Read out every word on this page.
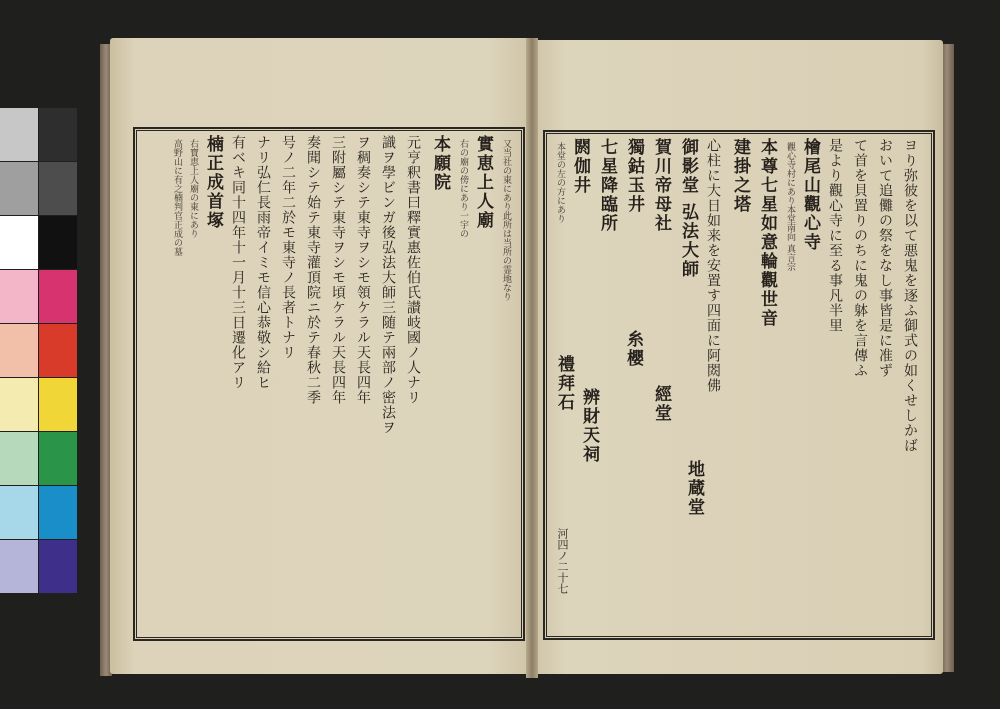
又当社の東にあり此所は当所の霊地なり
實恵上人廟
右の廟の傍にあり一宇の
本願院
元亨釈書曰釋實惠佐伯氏讃岐國ノ人ナリ
識ヲ學ビンガ後弘法大師三随テ兩部ノ密法ヲ
ヲ稠奏シテ東寺ヲシモ領ケラル天長四年
三附屬シテ東寺ヲシモ頃ケラル天長四年
奏聞シテ始テ東寺灌頂院ニ於テ春秋二季
号ノ二年二於モ東寺ノ長者トナリ
ナリ弘仁長雨帝イミモ信心恭敬シ給ヒ
有ベキ同十四年十一月十三日遷化アリ
楠正成首塚
右寶恵上人廟の東にあり
高野山に有之楠判官正成の墓	ヨり弥彼を以て悪鬼を逐ふ御式の如くせしかば
おいて追儺の祭をなし事皆是に准ず
て首を貝置りのちに鬼の躰を言傳ふ
是より觀心寺に至る事凡半里
檜尾山觀心寺
觀心寺村にあり本堂南向 真言宗
本尊七星如意輪觀世音
建掛之塔
心柱に大日如来を安置す四面に阿閦佛
御影堂 弘法大師
賀川帝母社
獨鈷玉井
七星降臨所
閼伽井
本堂の左の方にあり
經堂
地蔵堂
糸櫻
辨財天祠
禮拜石
河四ノ二十七
